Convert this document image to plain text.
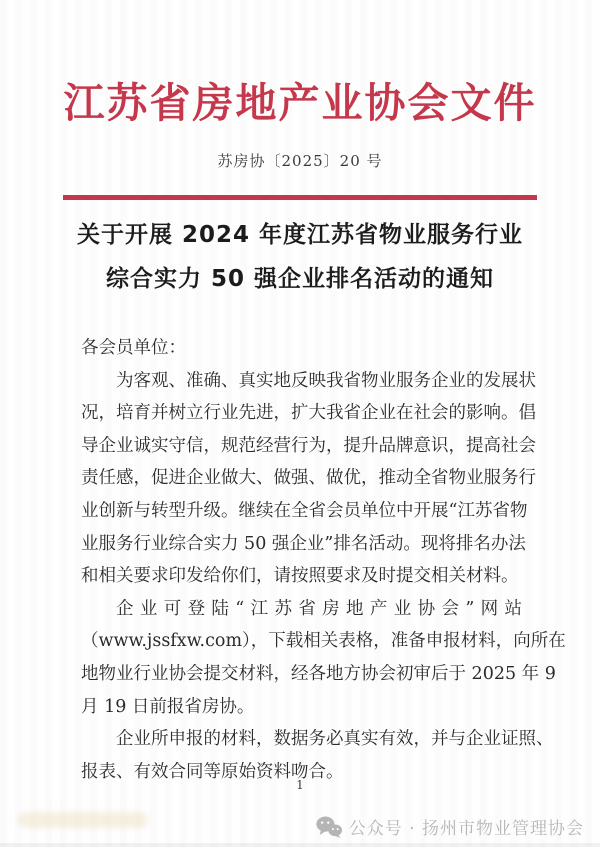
江苏省房地产业协会文件
苏房协〔2025〕20 号
关于开展 2024 年度江苏省物业服务行业
综合实力 50 强企业排名活动的通知
各会员单位：
为客观、准确、真实地反映我省物业服务企业的发展状
况，培育并树立行业先进，扩大我省企业在社会的影响。倡
导企业诚实守信，规范经营行为，提升品牌意识，提高社会
责任感，促进企业做大、做强、做优，推动全省物业服务行
业创新与转型升级。继续在全省会员单位中开展“江苏省物
业服务行业综合实力 50 强企业”排名活动。现将排名办法
和相关要求印发给你们，请按照要求及时提交相关材料。
企业可登陆“江苏省房地产业协会”网站
（www.jssfxw.com），下载相关表格，准备申报材料，向所在
地物业行业协会提交材料，经各地方协会初审后于 2025 年 9
月 19 日前报省房协。
企业所申报的材料，数据务必真实有效，并与企业证照、
报表、有效合同等原始资料吻合。
1
公众号 · 扬州市物业管理协会
